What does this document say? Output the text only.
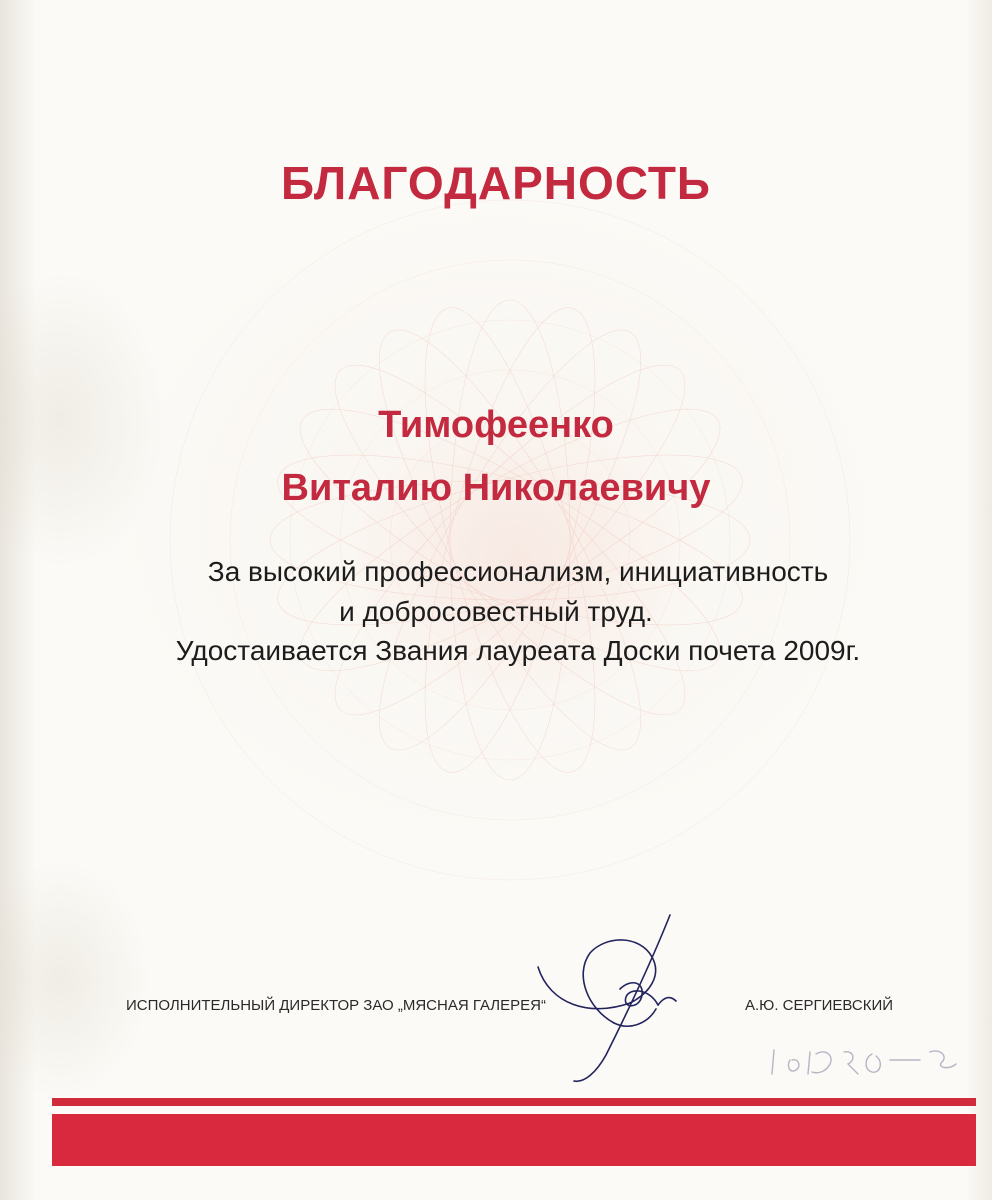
БЛАГОДАРНОСТЬ
Тимофеенко
Виталию Николаевичу
За высокий профессионализм, инициативность
и добросовестный труд.
Удостаивается Звания лауреата Доски почета 2009г.
ИСПОЛНИТЕЛЬНЫЙ ДИРЕКТОР ЗАО „МЯСНАЯ ГАЛЕРЕЯ“	А.Ю. СЕРГИЕВСКИЙ
